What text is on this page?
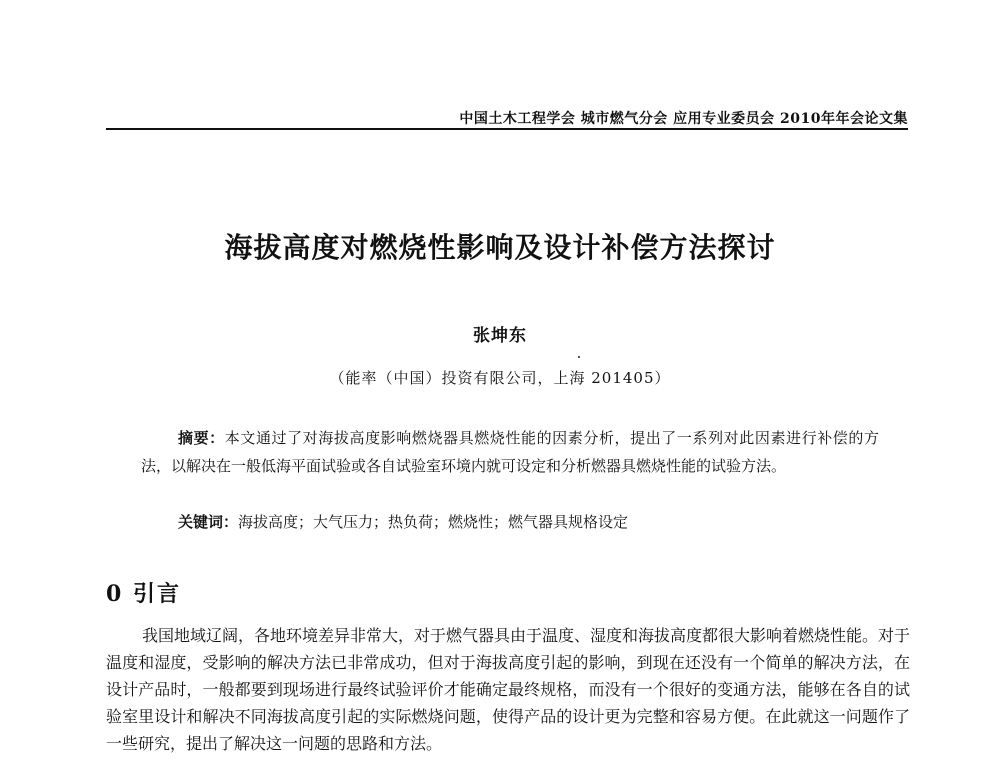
中国土木工程学会 城市燃气分会 应用专业委员会 2010年年会论文集
海拔高度对燃烧性影响及设计补偿方法探讨
张坤东
（能率（中国）投资有限公司，上海 201405）

摘要：本文通过了对海拔高度影响燃烧器具燃烧性能的因素分析，提出了一系列对此因素进行补偿的方法，以解决在一般低海平面试验或各自试验室环境内就可设定和分析燃器具燃烧性能的试验方法。

关键词：海拔高度；大气压力；热负荷；燃烧性；燃气器具规格设定
0 引言

我国地域辽阔，各地环境差异非常大，对于燃气器具由于温度、湿度和海拔高度都很大影响着燃烧性能。对于温度和湿度，受影响的解决方法已非常成功，但对于海拔高度引起的影响，到现在还没有一个简单的解决方法，在设计产品时，一般都要到现场进行最终试验评价才能确定最终规格，而没有一个很好的变通方法，能够在各自的试验室里设计和解决不同海拔高度引起的实际燃烧问题，使得产品的设计更为完整和容易方便。在此就这一问题作了一些研究，提出了解决这一问题的思路和方法。
